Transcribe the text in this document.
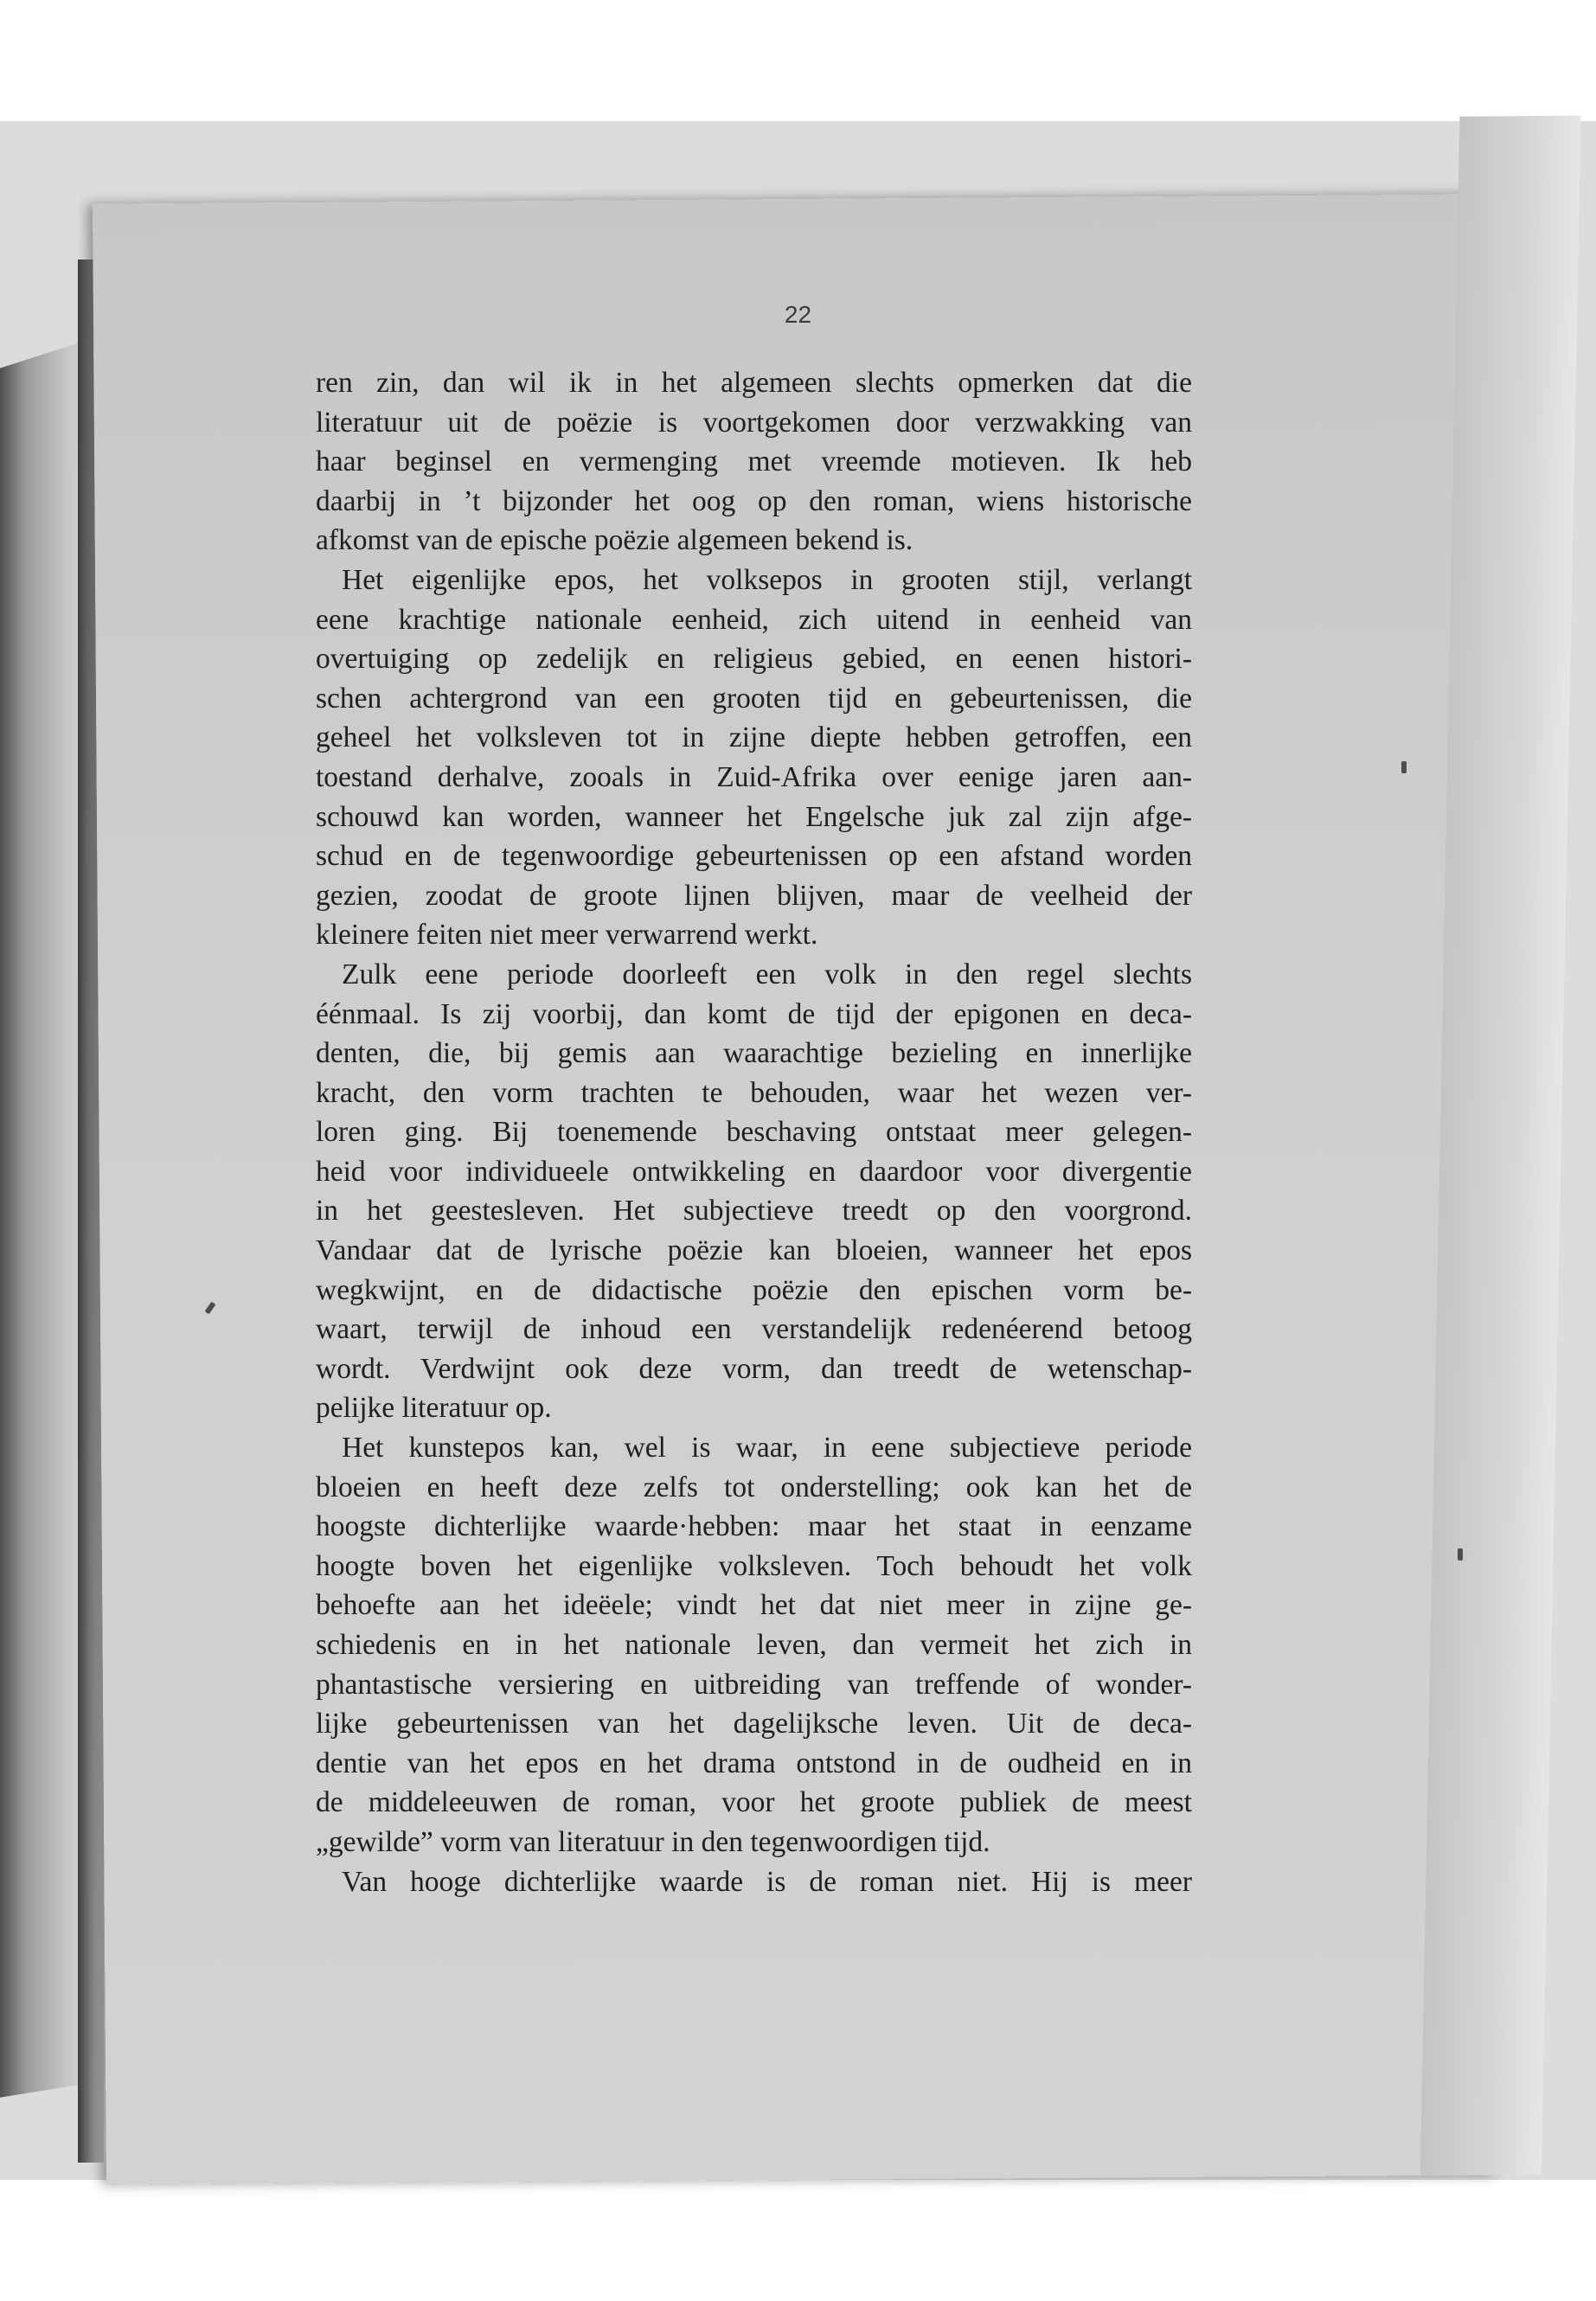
22
ren zin, dan wil ik in het algemeen slechts opmerken dat die
literatuur uit de poëzie is voortgekomen door verzwakking van
haar beginsel en vermenging met vreemde motieven. Ik heb
daarbij in ’t bijzonder het oog op den roman, wiens historische
afkomst van de epische poëzie algemeen bekend is.
Het eigenlijke epos, het volksepos in grooten stijl, verlangt
eene krachtige nationale eenheid, zich uitend in eenheid van
overtuiging op zedelijk en religieus gebied, en eenen histori-
schen achtergrond van een grooten tijd en gebeurtenissen, die
geheel het volksleven tot in zijne diepte hebben getroffen, een
toestand derhalve, zooals in Zuid-Afrika over eenige jaren aan-
schouwd kan worden, wanneer het Engelsche juk zal zijn afge-
schud en de tegenwoordige gebeurtenissen op een afstand worden
gezien, zoodat de groote lijnen blijven, maar de veelheid der
kleinere feiten niet meer verwarrend werkt.
Zulk eene periode doorleeft een volk in den regel slechts
éénmaal. Is zij voorbij, dan komt de tijd der epigonen en deca-
denten, die, bij gemis aan waarachtige bezieling en innerlijke
kracht, den vorm trachten te behouden, waar het wezen ver-
loren ging. Bij toenemende beschaving ontstaat meer gelegen-
heid voor individueele ontwikkeling en daardoor voor divergentie
in het geestesleven. Het subjectieve treedt op den voorgrond.
Vandaar dat de lyrische poëzie kan bloeien, wanneer het epos
wegkwijnt, en de didactische poëzie den epischen vorm be-
waart, terwijl de inhoud een verstandelijk redenéerend betoog
wordt. Verdwijnt ook deze vorm, dan treedt de wetenschap-
pelijke literatuur op.
Het kunstepos kan, wel is waar, in eene subjectieve periode
bloeien en heeft deze zelfs tot onderstelling; ook kan het de
hoogste dichterlijke waarde·hebben: maar het staat in eenzame
hoogte boven het eigenlijke volksleven. Toch behoudt het volk
behoefte aan het ideëele; vindt het dat niet meer in zijne ge-
schiedenis en in het nationale leven, dan vermeit het zich in
phantastische versiering en uitbreiding van treffende of wonder-
lijke gebeurtenissen van het dagelijksche leven. Uit de deca-
dentie van het epos en het drama ontstond in de oudheid en in
de middeleeuwen de roman, voor het groote publiek de meest
„gewilde” vorm van literatuur in den tegenwoordigen tijd.
Van hooge dichterlijke waarde is de roman niet. Hij is meer
